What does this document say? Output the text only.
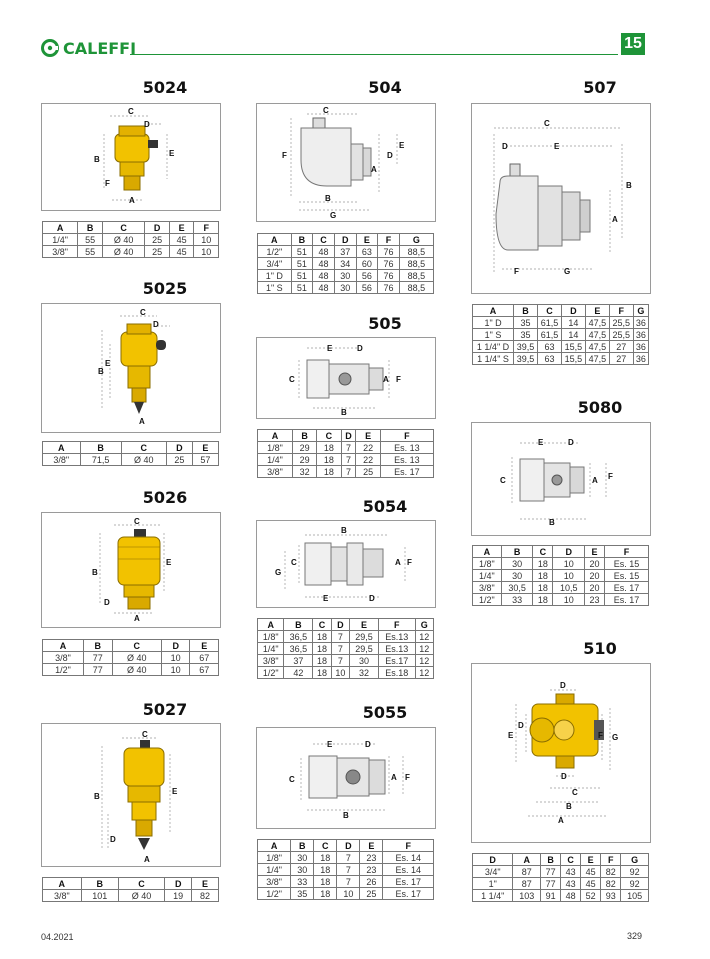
CALEFFI	15
5024
C
D
B
E
F
A
A	B	C	D	E	F
1/4"	55	Ø 40	25	45	10
3/8"	55	Ø 40	25	45	10
5025
C
D
B
E
A
A	B	C	D	E
3/8"	71,5	Ø 40	25	57
5026
C
B
E
D
A
A	B	C	D	E
3/8"	77	Ø 40	10	67
1/2"	77	Ø 40	10	67
5027
C
B
E
D
A
A	B	C	D	E
3/8"	101	Ø 40	19	82
504
C
F	D
E
A
B
G
A	B	C	D	E	F	G
1/2"	51	48	37	63	76	88,5
3/4"	51	48	34	60	76	88,5
1" D	51	48	30	56	76	88,5
1" S	51	48	30	56	76	88,5
505
E	D
C	A F
B
A	B	C	D	E	F
1/8"	29	18	7	22	Es. 13
1/4"	29	18	7	22	Es. 13
3/8"	32	18	7	25	Es. 17
5054
B
G
C	A F
E	D
A	B	C	D	E	F	G
1/8"	36,5	18	7	29,5	Es.13	12
1/4"	36,5	18	7	29,5	Es.13	12
3/8"	37	18	7	30	Es.17	12
1/2"	42	18	10	32	Es.18	12
5055
E	D
C	A F
B
A	B	C	D	E	F
1/8"	30	18	7	23	Es. 14
1/4"	30	18	7	23	Es. 14
3/8"	33	18	7	26	Es. 17
1/2"	35	18	10	25	Es. 17
507
C
D	E
B
A
F	G
A	B	C	D	E	F	G
1" D	35	61,5	14	47,5	25,5	36
1" S	35	61,5	14	47,5	25,5	36
1 1/4" D	39,5	63	15,5	47,5	27	36
1 1/4" S	39,5	63	15,5	47,5	27	36
5080
E	D
C	A F
B
A	B	C	D	E	F
1/8"	30	18	10	20	Es. 15
1/4"	30	18	10	20	Es. 15
3/8"	30,5	18	10,5	20	Es. 17
1/2"	33	18	10	23	Es. 17
510
D
E
D
F G
D
C
B
A
D	A	B	C	E	F	G
3/4"	87	77	43	45	82	92
1"	87	77	43	45	82	92
1 1/4"	103	91	48	52	93	105
04.2021	329
